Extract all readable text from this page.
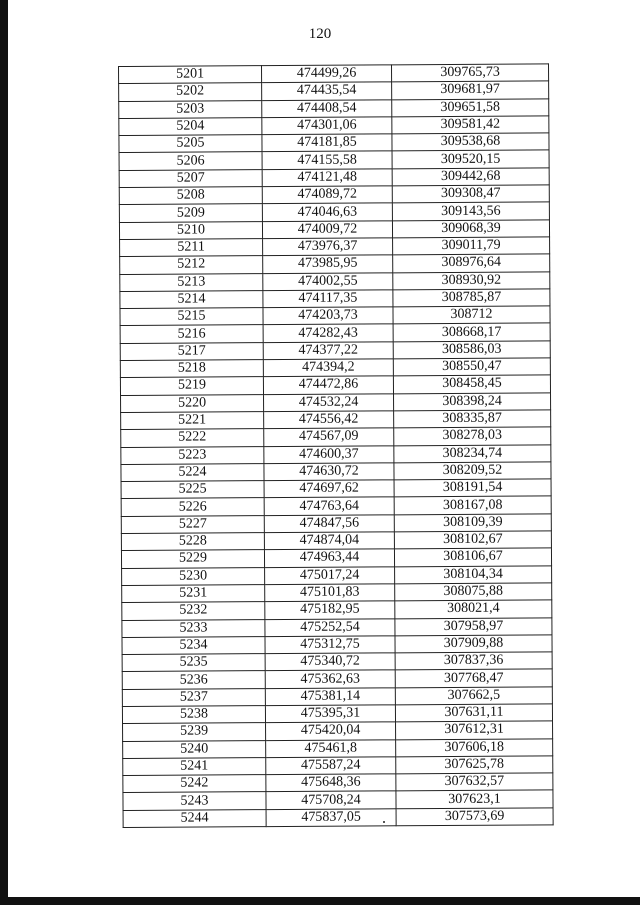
120
5201	474499,26	309765,73
5202	474435,54	309681,97
5203	474408,54	309651,58
5204	474301,06	309581,42
5205	474181,85	309538,68
5206	474155,58	309520,15
5207	474121,48	309442,68
5208	474089,72	309308,47
5209	474046,63	309143,56
5210	474009,72	309068,39
5211	473976,37	309011,79
5212	473985,95	308976,64
5213	474002,55	308930,92
5214	474117,35	308785,87
5215	474203,73	308712
5216	474282,43	308668,17
5217	474377,22	308586,03
5218	474394,2	308550,47
5219	474472,86	308458,45
5220	474532,24	308398,24
5221	474556,42	308335,87
5222	474567,09	308278,03
5223	474600,37	308234,74
5224	474630,72	308209,52
5225	474697,62	308191,54
5226	474763,64	308167,08
5227	474847,56	308109,39
5228	474874,04	308102,67
5229	474963,44	308106,67
5230	475017,24	308104,34
5231	475101,83	308075,88
5232	475182,95	308021,4
5233	475252,54	307958,97
5234	475312,75	307909,88
5235	475340,72	307837,36
5236	475362,63	307768,47
5237	475381,14	307662,5
5238	475395,31	307631,11
5239	475420,04	307612,31
5240	475461,8	307606,18
5241	475587,24	307625,78
5242	475648,36	307632,57
5243	475708,24	307623,1
5244	475837,05	307573,69
